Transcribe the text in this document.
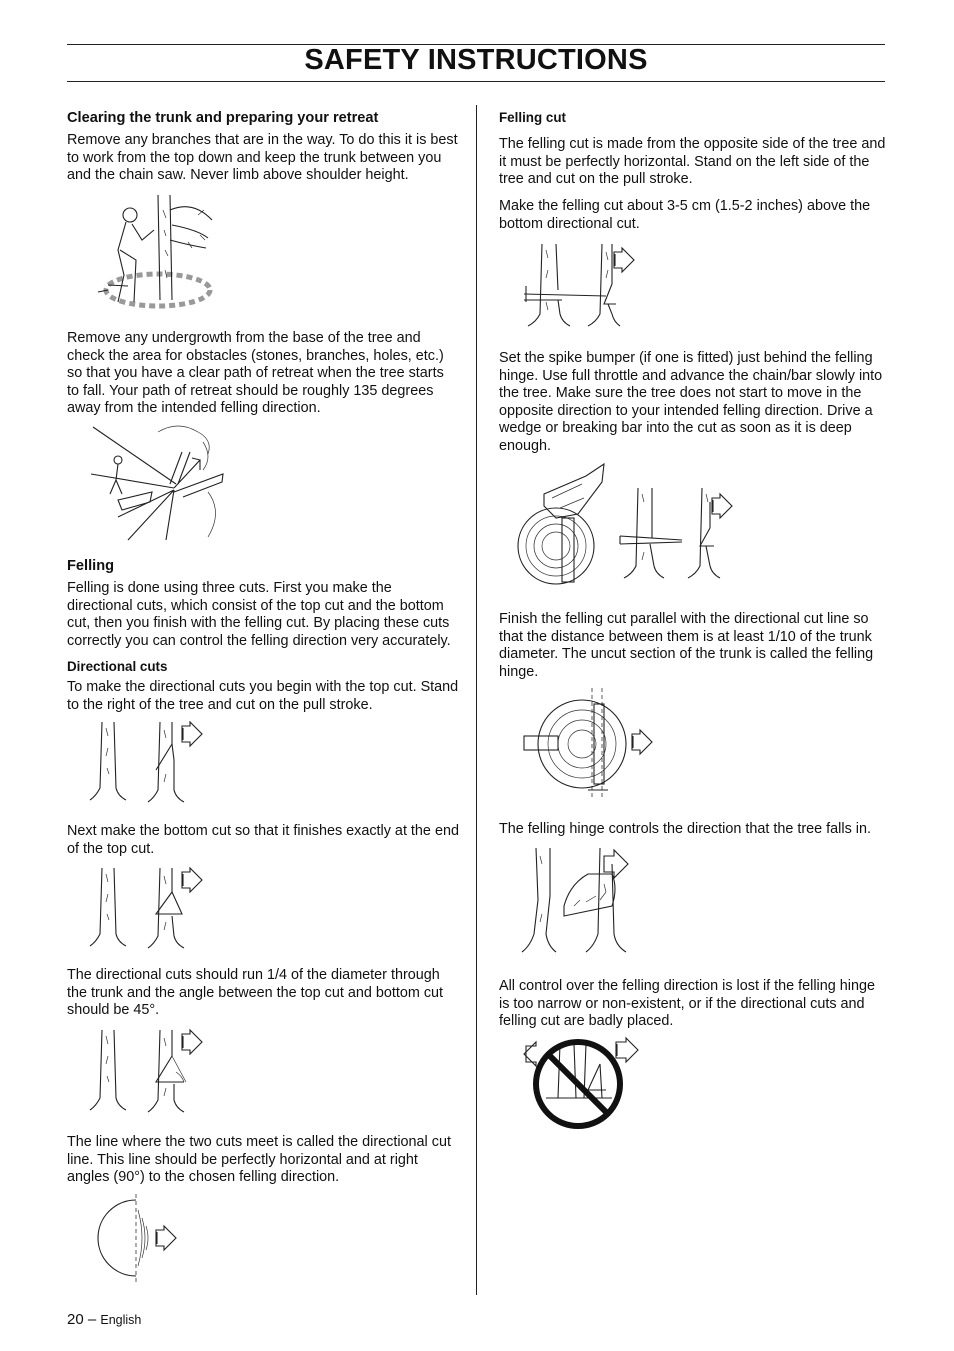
SAFETY INSTRUCTIONS

Clearing the trunk and preparing your retreat

Remove any branches that are in the way. To do this it is best to work from the top down and keep the trunk between you and the chain saw. Never limb above shoulder height.

Remove any undergrowth from the base of the tree and check the area for obstacles (stones, branches, holes, etc.) so that you have a clear path of retreat when the tree starts to fall. Your path of retreat should be roughly 135 degrees away from the intended felling direction.

Felling

Felling is done using three cuts. First you make the directional cuts, which consist of the top cut and the bottom cut, then you finish with the felling cut. By placing these cuts correctly you can control the felling direction very accurately.

Directional cuts

To make the directional cuts you begin with the top cut. Stand to the right of the tree and cut on the pull stroke.

Next make the bottom cut so that it finishes exactly at the end of the top cut.

The directional cuts should run 1/4 of the diameter through the trunk and the angle between the top cut and bottom cut should be 45°.

The line where the two cuts meet is called the directional cut line. This line should be perfectly horizontal and at right angles (90°) to the chosen felling direction.

Felling cut

The felling cut is made from the opposite side of the tree and it must be perfectly horizontal. Stand on the left side of the tree and cut on the pull stroke.

Make the felling cut about 3-5 cm (1.5-2 inches) above the bottom directional cut.

Set the spike bumper (if one is fitted) just behind the felling hinge. Use full throttle and advance the chain/bar slowly into the tree. Make sure the tree does not start to move in the opposite direction to your intended felling direction. Drive a wedge or breaking bar into the cut as soon as it is deep enough.

Finish the felling cut parallel with the directional cut line so that the distance between them is at least 1/10 of the trunk diameter. The uncut section of the trunk is called the felling hinge.

The felling hinge controls the direction that the tree falls in.

All control over the felling direction is lost if the felling hinge is too narrow or non-existent, or if the directional cuts and felling cut are badly placed.

20 – English
